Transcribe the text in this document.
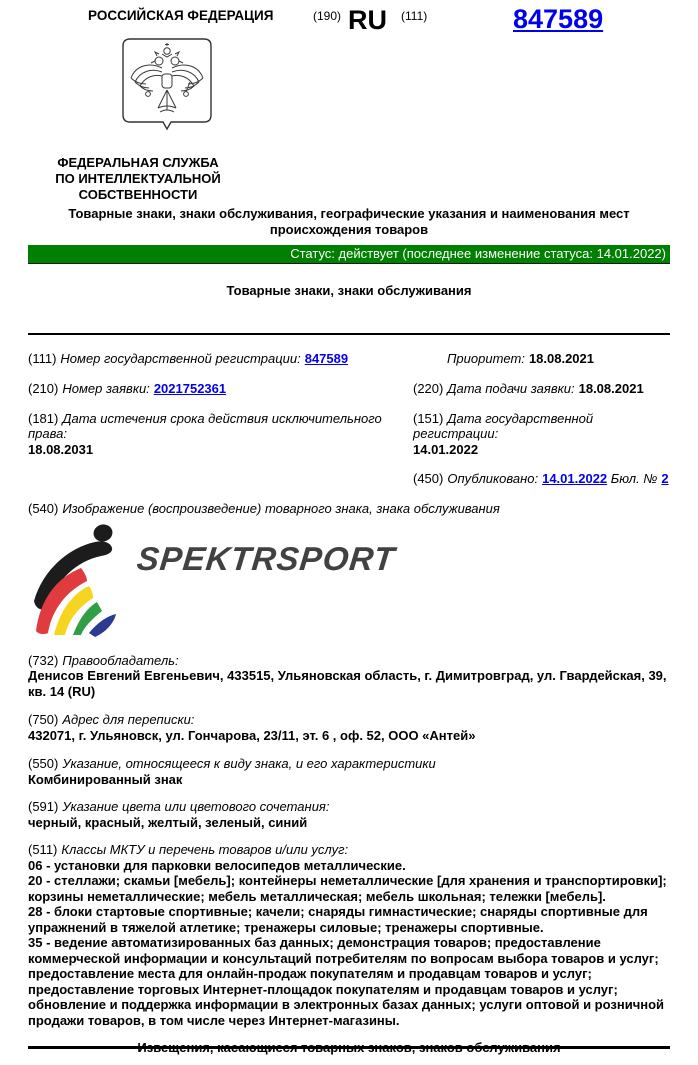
РОССИЙСКАЯ ФЕДЕРАЦИЯ	(190) RU (111)	847589
ФЕДЕРАЛЬНАЯ СЛУЖБА
ПО ИНТЕЛЛЕКТУАЛЬНОЙ СОБСТВЕННОСТИ
Товарные знаки, знаки обслуживания, географические указания и наименования мест происхождения товаров
Статус: действует (последнее изменение статуса: 14.01.2022)
Товарные знаки, знаки обслуживания
(111) Номер государственной регистрации: 847589	Приоритет: 18.08.2021
(210) Номер заявки: 2021752361	(220) Дата подачи заявки: 18.08.2021
(181) Дата истечения срока действия исключительного права:
18.08.2031
(151) Дата государственной регистрации:
14.01.2022
(450) Опубликовано: 14.01.2022 Бюл. № 2
(540) Изображение (воспроизведение) товарного знака, знака обслуживания
SPEKTRSPORT
(732) Правообладатель:
Денисов Евгений Евгеньевич, 433515, Ульяновская область, г. Димитровград, ул. Гвардейская, 39, кв. 14 (RU)
(750) Адрес для переписки:
432071, г. Ульяновск, ул. Гончарова, 23/11, эт. 6 , оф. 52, ООО «Антей»
(550) Указание, относящееся к виду знака, и его характеристики
Комбинированный знак
(591) Указание цвета или цветового сочетания:
черный, красный, желтый, зеленый, синий
(511) Классы МКТУ и перечень товаров и/или услуг:
06 - установки для парковки велосипедов металлические.
20 - стеллажи; скамьи [мебель]; контейнеры неметаллические [для хранения и транспортировки]; корзины неметаллические; мебель металлическая; мебель школьная; тележки [мебель].
28 - блоки стартовые спортивные; качели; снаряды гимнастические; снаряды спортивные для упражнений в тяжелой атлетике; тренажеры силовые; тренажеры спортивные.
35 - ведение автоматизированных баз данных; демонстрация товаров; предоставление коммерческой информации и консультаций потребителям по вопросам выбора товаров и услуг; предоставление места для онлайн-продаж покупателям и продавцам товаров и услуг; предоставление торговых Интернет-площадок покупателям и продавцам товаров и услуг; обновление и поддержка информации в электронных базах данных; услуги оптовой и розничной продажи товаров, в том числе через Интернет-магазины.
